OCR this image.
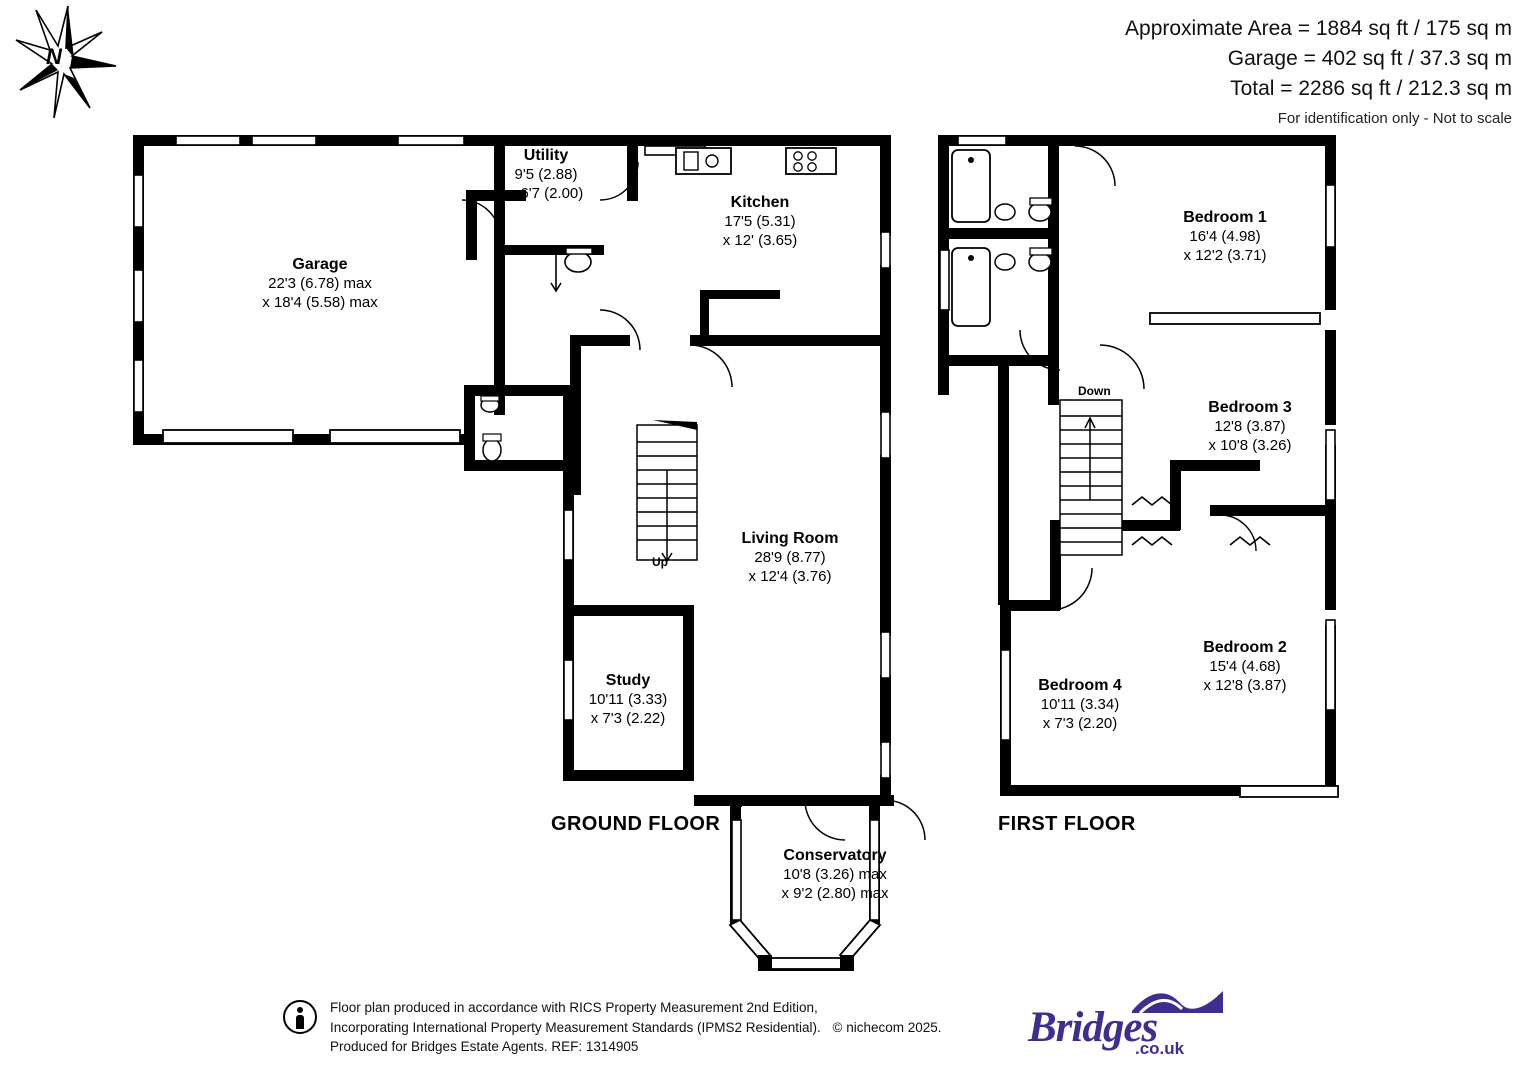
N
Approximate Area = 1884 sq ft / 175 sq m
Garage = 402 sq ft / 37.3 sq m
Total = 2286 sq ft / 212.3 sq m
For identification only - Not to scale
Garage
22'3 (6.78) max
x 18'4 (5.58) max
Utility
9'5 (2.88)
x 6'7 (2.00)
Kitchen
17'5 (5.31)
x 12' (3.65)
Living Room
28'9 (8.77)
x 12'4 (3.76)
Study
10'11 (3.33)
x 7'3 (2.22)
Conservatory
10'8 (3.26) max
x 9'2 (2.80) max
Up
Bedroom 1
16'4 (4.98)
x 12'2 (3.71)
Bedroom 3
12'8 (3.87)
x 10'8 (3.26)
Bedroom 2
15'4 (4.68)
x 12'8 (3.87)
Bedroom 4
10'11 (3.34)
x 7'3 (2.20)
Down
GROUND FLOOR	FIRST FLOOR
Floor plan produced in accordance with RICS Property Measurement 2nd Edition,
Incorporating International Property Measurement Standards (IPMS2 Residential). © nichecom 2025.
Produced for Bridges Estate Agents. REF: 1314905	Bridges
.co.uk
